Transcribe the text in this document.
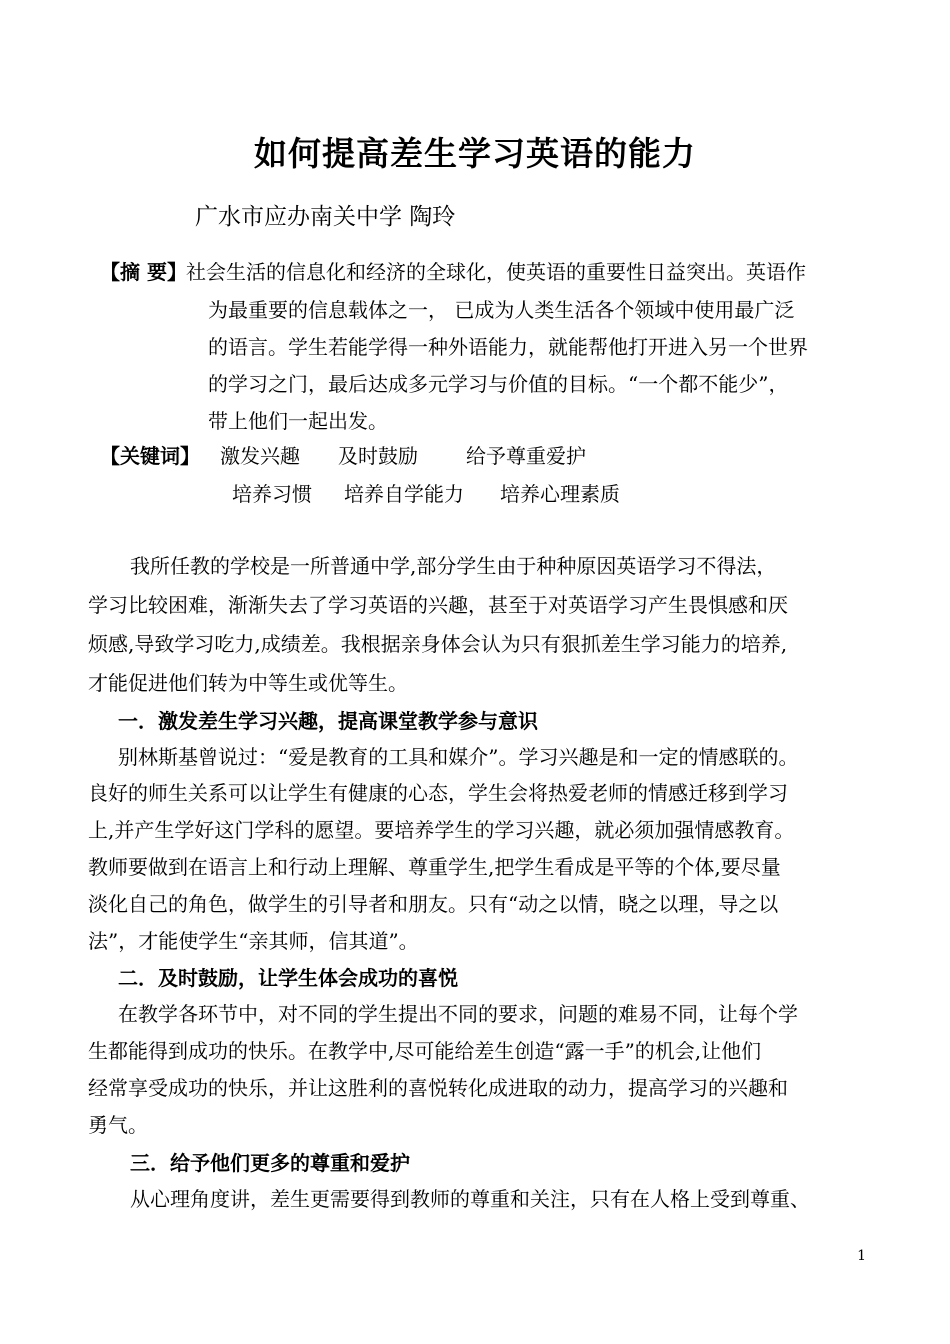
如何提高差生学习英语的能力
广水市应办南关中学 陶玲
【摘 要】 社会生活的信息化和经济的全球化，使英语的重要性日益突出。英语作
为最重要的信息载体之一， 已成为人类生活各个领域中使用最广泛
的语言。学生若能学得一种外语能力，就能帮他打开进入另一个世界
的学习之门，最后达成多元学习与价值的目标。“一个都不能少”，
带上他们一起出发。
【关键词】 激发兴趣 及时鼓励 给予尊重爱护
培养习惯 培养自学能力 培养心理素质
我所任教的学校是一所普通中学,部分学生由于种种原因英语学习不得法，
学习比较困难，渐渐失去了学习英语的兴趣，甚至于对英语学习产生畏惧感和厌
烦感,导致学习吃力,成绩差。我根据亲身体会认为只有狠抓差生学习能力的培养,
才能促进他们转为中等生或优等生。
一．激发差生学习兴趣，提高课堂教学参与意识
别林斯基曾说过：“爱是教育的工具和媒介”。学习兴趣是和一定的情感联的。
良好的师生关系可以让学生有健康的心态，学生会将热爱老师的情感迁移到学习
上,并产生学好这门学科的愿望。要培养学生的学习兴趣，就必须加强情感教育。
教师要做到在语言上和行动上理解、尊重学生,把学生看成是平等的个体,要尽量
淡化自己的角色，做学生的引导者和朋友。只有“动之以情，晓之以理，导之以
法”，才能使学生“亲其师，信其道”。
二．及时鼓励，让学生体会成功的喜悦
在教学各环节中，对不同的学生提出不同的要求，问题的难易不同，让每个学
生都能得到成功的快乐。在教学中,尽可能给差生创造“露一手”的机会,让他们
经常享受成功的快乐，并让这胜利的喜悦转化成进取的动力，提高学习的兴趣和
勇气。
三．给予他们更多的尊重和爱护
从心理角度讲，差生更需要得到教师的尊重和关注，只有在人格上受到尊重、
1
